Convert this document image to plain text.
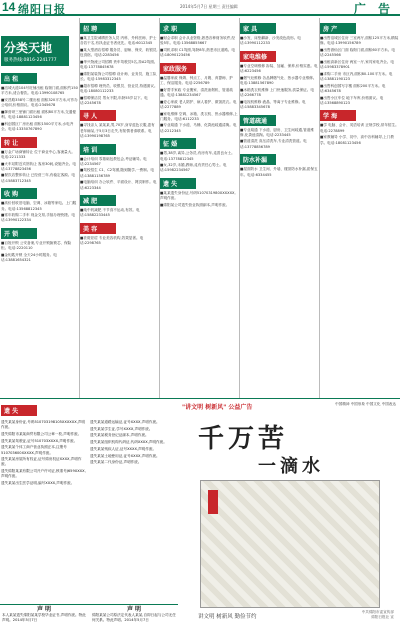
14 绵阳日报	2014年5月7日 星期三 责任编辑	广 告
分类天地
服务热线:0816-2241777
出 租
■涪城大道104号旺铺出租 临街门面,面积约150平方米,适合餐饮。电话:13990108765
■安昌路358号二楼出租 面积320平方米,可作办公培训,价格面议。电话:2345678
■御营坝三里铺门面出租 面积80平方米,交通便利。电话:18881123456
■科创园区厂房出租 面积1500平方米,水电齐全。电话:13350767890
转 让
■万金广场商铺转让 位于商业中心,客流量大。电话:2211333
■火车站附近宾馆转让 客房30间,设施齐全。电话:13778823456
■餐饮店整体转让 已经营三年,有稳定客源。电话:15883712345
收 购
■高价回收旧电脑、空调、冰箱等家电。上门服务。电话:13568812345
■常年收购二手车 现金交易,手续办理快捷。电话:13990122334
开 锁
■百姓开锁 公安备案,专业开锁换锁芯、保险柜。电话:2220110
■金钥匙开锁 全天24小时服务。电话:13881654321
招 聘
■某卫生院诚聘医务人员 内科、外科医师、护士各若干名,有执业证书者优先。电话:6012345
■某大型酒店招聘 服务员、厨师、保安、收银员,包食宿。电话:2283456
■华兴物流公司招聘 货车驾驶员5名,持A2驾照。电话:13778845678
■绵阳某装饰公司招聘 设计师、业务员、施工队长。电话:15983312345
■超市招聘 理货员、收银员、营业员,待遇面议。电话:18080112233
■招聘保洁员 男女不限,年龄55岁以下。电话:2245678
寻 人
■寻找亲人 某某某,男,70岁,身穿蓝色衣服,患有老年痴呆,于5月3日走失,有知情者请联系。电话:13990198765
培 训
■会计培训 零基础包教包会,考证辅导。电话:2234567
■驾校招生 C1、C2驾照,随到随学,一费制。电话:13881156789
■电脑培训 办公软件、平面设计、网页制作。电话:6223344
减 肥
■纯中药减肥 不节食不运动,有效。电话:15882233445
美 容
■祛斑祛痘 专业美容机构,效果显著。电话:2298765
求 职
■财会求职 会计从业资格,熟悉各种财务软件,经验5年。电话:13568855667
■司机求职 C1驾照,驾龄8年,熟悉市区道路。电话:18090123456
家政服务
■温馨家政 保姆、钟点工、月嫂、育婴师、护工、保洁服务。电话:2256789
■好帮手家政 专业搬家、清洗油烟机、管道疏通。电话:13881234567
■爱心家政 老人陪护、病人看护、做饭洗衣。电话:2277889
■家电维修 空调、冰箱、洗衣机、热水器维修,上门服务。电话:6112233
■专业疏通 下水道、马桶、化粪池疏通清掏。电话:2212345
征 婚
■男,38岁,离异,公务员,有房有车,觅善良女士。电话:13778812345
■女,32岁,未婚,教师,觅有责任心男士。电话:15982234567
遗 失
■某某遗失身份证,号码5107031980XXXXXX,声明作废。
■绵阳某公司遗失营业执照副本,声明作废。
家 具
■沙发、床垫翻新、沙发改色改形。电话:13990112233
家电维修
■专业空调维修 拆装、加氟、保养,价格实惠。电话:6223456
■燃气灶维修 各品牌燃气灶、热水器专业维修。电话:13881567890
■冰箱洗衣机维修 上门快速服务,质量保证。电话:2266778
■电视机维修 液晶、等离子专业维修。电话:15883345678
管道疏通
■专业疏通 下水道、厨房、卫生间疏通,管道维修,化粪池清掏。电话:2233445
■管道清洗 高压清洗车,专业清洗管道。电话:13778856789
防水补漏
■屋面防水 卫生间、外墙、楼顶防水补漏,质保五年。电话:6334455
房 产
■出售涪城区住房 三室两厅,面积125平方米,精装修。电话:13990156789
■出售游仙区门面 临街门面,面积60平方米。电话:2245566
■出租高新区住房 两室一厅,家具家电齐全。电话:15983378901
■求购二手房 市区内,面积80-100平方米。电话:13881190123
■出售科创园写字楼 面积200平方米。电话:6345678
■出售小区车位 地下车库,价格面议。电话:13568890123
学 海
■学 电脑、会计、英语培训 正规学校,常年招生。电话:2278899
■家教辅导 小学、初中、高中各科辅导,上门教学。电话:18081123456
遗 失
遗失某某身份证,号码510703198105XXXXXX,声明作废。
遗失绵阳市某某商贸有限公司公章一枚,声明作废。
遗失某某驾驶证,证号510703XXXX,声明作废。
遗失某某个体工商户营业执照正本,注册号510703600XXXXX,声明作废。
遗失某某房屋所有权证,证号绵房权证XXXX,声明作废。
遗失绵阳某某有限公司开户许可证,核准号J659XXXX,声明作废。
遗失某某出生医学证明,编号XXXX,声明作废。
遗失某某道路运输证,证号XXXX,声明作废。
遗失某某学生证,学号XXXX,声明作废。
遗失某某税务登记证副本,声明作废。
遗失某某组织机构代码证,代码XXXX,声明作废。
遗失某某残疾人证,证号XXXX,声明作废。
遗失某某土地使用证,证号XXXX,声明作废。
遗失某某二代身份证,声明作废。
声 明
本人某某遗失绵阳某某学校毕业证书,声明作废。特此声明。2014年5月7日
声 明
绵阳某某公司原法定代表人某某,自即日起与公司无任何关系。特此声明。2014年5月7日
"讲文明 树新风" 公益广告	中国精神 中国形象 中国文化 中国表达
千万苦
一滴水
讲文明 树新风 勤俭节约
中共绵阳市委宣传部
绵阳日报社 宣
